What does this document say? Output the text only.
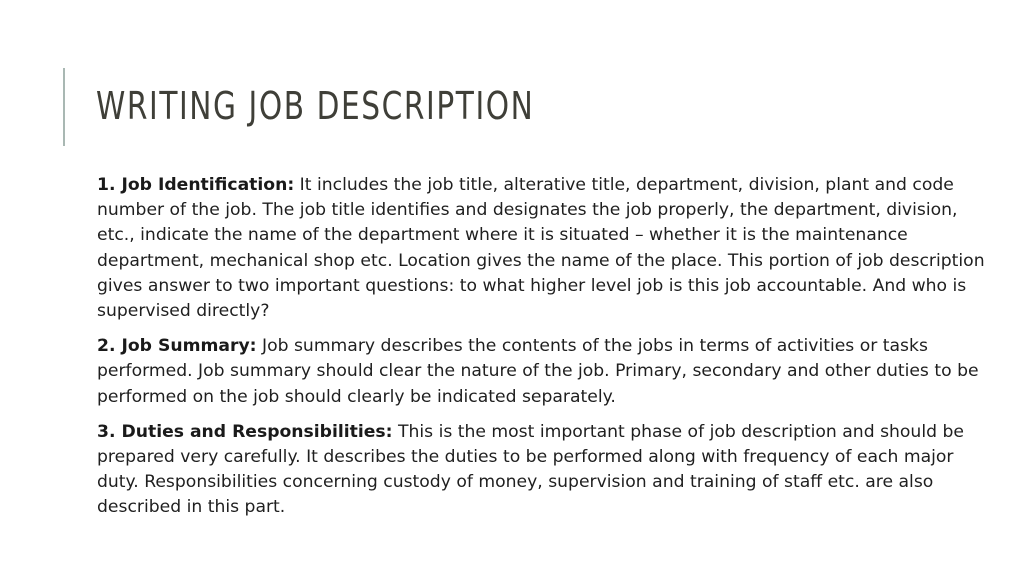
WRITING JOB DESCRIPTION

1. Job Identification: It includes the job title, alterative title, department, division, plant and code number of the job. The job title identifies and designates the job properly, the department, division, etc., indicate the name of the department where it is situated – whether it is the maintenance department, mechanical shop etc. Location gives the name of the place. This portion of job description gives answer to two important questions: to what higher level job is this job accountable. And who is supervised directly?

2. Job Summary: Job summary describes the contents of the jobs in terms of activities or tasks performed. Job summary should clear the nature of the job. Primary, secondary and other duties to be performed on the job should clearly be indicated separately.

3. Duties and Responsibilities: This is the most important phase of job description and should be prepared very carefully. It describes the duties to be performed along with frequency of each major duty. Responsibilities concerning custody of money, supervision and training of staff etc. are also described in this part.
